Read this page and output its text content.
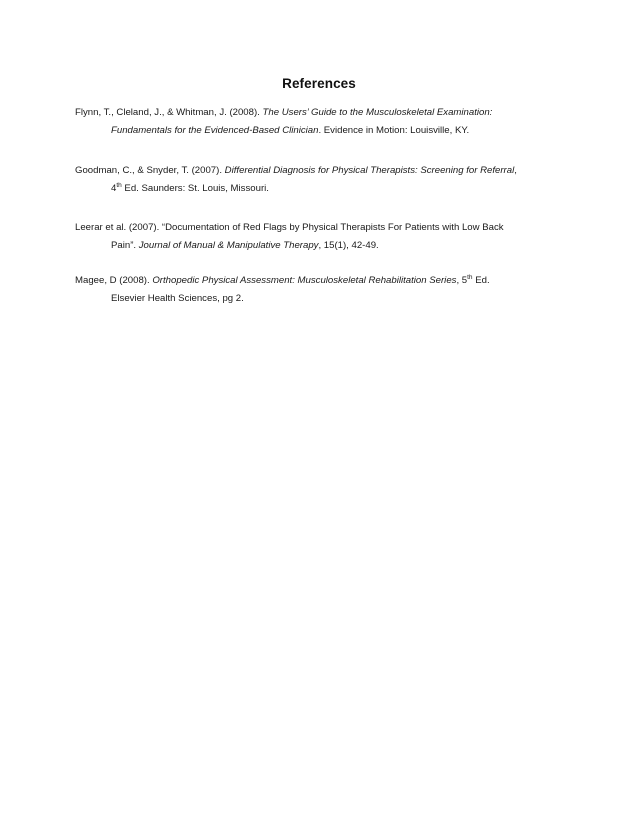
References
Flynn, T., Cleland, J., & Whitman, J. (2008). The Users’ Guide to the Musculoskeletal Examination:
Fundamentals for the Evidenced-Based Clinician. Evidence in Motion: Louisville, KY.
Goodman, C., & Snyder, T. (2007). Differential Diagnosis for Physical Therapists: Screening for Referral,
4th Ed. Saunders: St. Louis, Missouri.
Leerar et al. (2007). “Documentation of Red Flags by Physical Therapists For Patients with Low Back
Pain”. Journal of Manual & Manipulative Therapy, 15(1), 42-49.
Magee, D (2008). Orthopedic Physical Assessment: Musculoskeletal Rehabilitation Series, 5th Ed.
Elsevier Health Sciences, pg 2.
